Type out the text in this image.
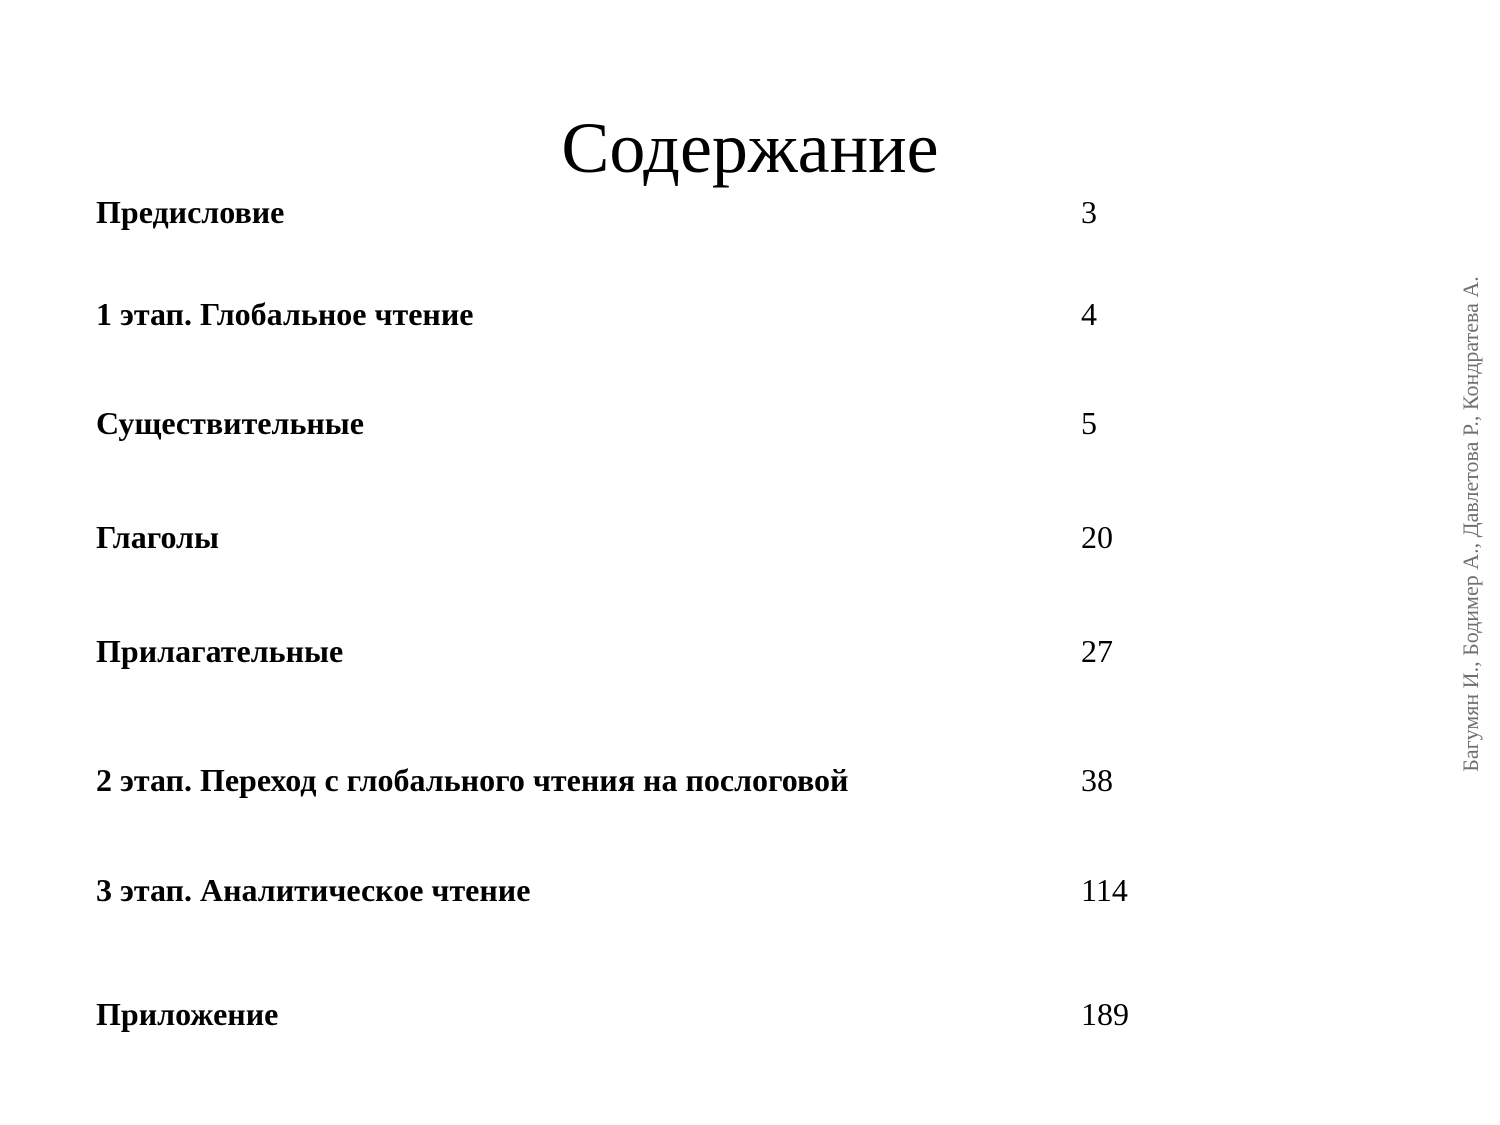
Содержание
Предисловие	3
1 этап. Глобальное чтение	4
Существительные	5
Глаголы	20
Прилагательные	27
2 этап. Переход с глобального чтения на послоговой	38
3 этап. Аналитическое чтение	114
Приложение	189
Багумян И., Бодимер А., Давлетова Р., Кондратева А.
